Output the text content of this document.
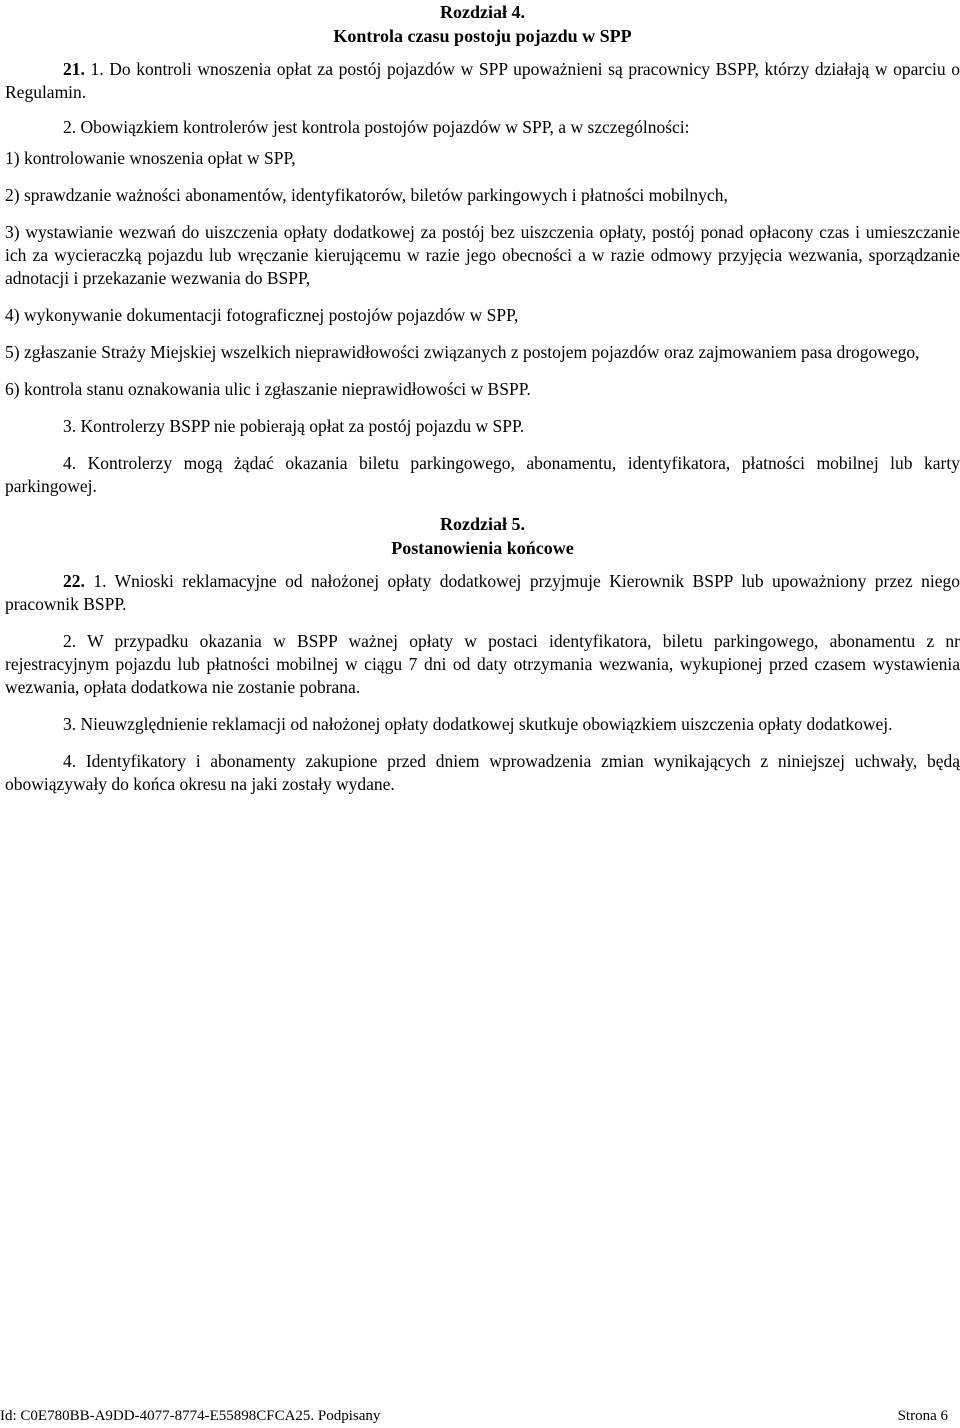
Rozdział 4.
Kontrola czasu postoju pojazdu w SPP

21. 1. Do kontroli wnoszenia opłat za postój pojazdów w SPP upoważnieni są pracownicy BSPP, którzy działają w oparciu o Regulamin.

2. Obowiązkiem kontrolerów jest kontrola postojów pojazdów w SPP, a w szczególności:

1) kontrolowanie wnoszenia opłat w SPP,

2) sprawdzanie ważności abonamentów, identyfikatorów, biletów parkingowych i płatności mobilnych,

3) wystawianie wezwań do uiszczenia opłaty dodatkowej za postój bez uiszczenia opłaty, postój ponad opłacony czas i umieszczanie ich za wycieraczką pojazdu lub wręczanie kierującemu w razie jego obecności a w razie odmowy przyjęcia wezwania, sporządzanie adnotacji i przekazanie wezwania do BSPP,

4) wykonywanie dokumentacji fotograficznej postojów pojazdów w SPP,

5) zgłaszanie Straży Miejskiej wszelkich nieprawidłowości związanych z postojem pojazdów oraz zajmowaniem pasa drogowego,

6) kontrola stanu oznakowania ulic i zgłaszanie nieprawidłowości w BSPP.

3. Kontrolerzy BSPP nie pobierają opłat za postój pojazdu w SPP.

4. Kontrolerzy mogą żądać okazania biletu parkingowego, abonamentu, identyfikatora, płatności mobilnej lub karty parkingowej.

Rozdział 5.
Postanowienia końcowe

22. 1. Wnioski reklamacyjne od nałożonej opłaty dodatkowej przyjmuje Kierownik BSPP lub upoważniony przez niego pracownik BSPP.

2. W przypadku okazania w BSPP ważnej opłaty w postaci identyfikatora, biletu parkingowego, abonamentu z nr rejestracyjnym pojazdu lub płatności mobilnej w ciągu 7 dni od daty otrzymania wezwania, wykupionej przed czasem wystawienia wezwania, opłata dodatkowa nie zostanie pobrana.

3. Nieuwzględnienie reklamacji od nałożonej opłaty dodatkowej skutkuje obowiązkiem uiszczenia opłaty dodatkowej.

4. Identyfikatory i abonamenty zakupione przed dniem wprowadzenia zmian wynikających z niniejszej uchwały, będą obowiązywały do końca okresu na jaki zostały wydane.

Id: C0E780BB-A9DD-4077-8774-E55898CFCA25. Podpisany	Strona 6
